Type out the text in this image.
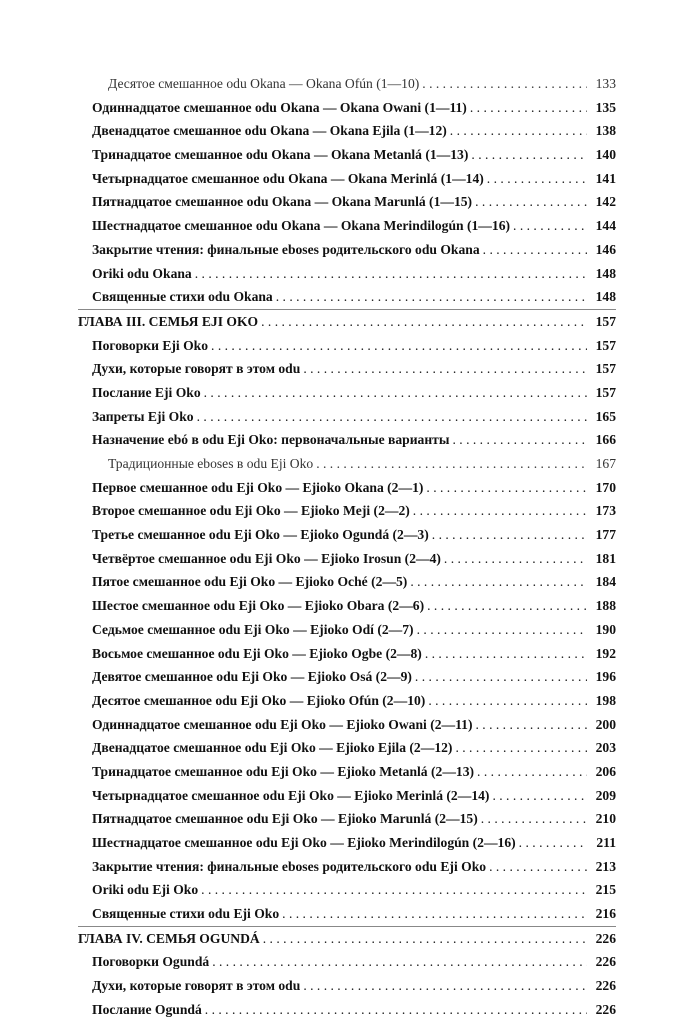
Десятое смешанное odu Okana — Okana Ofún (1—10) . . .	133
Одиннадцатое смешанное odu Okana — Okana Owani (1—11) . . .	135
Двенадцатое смешанное odu Okana — Okana Ejila (1—12) . . .	138
Тринадцатое смешанное odu Okana — Okana Metanlá (1—13) . . .	140
Четырнадцатое смешанное odu Okana — Okana Merinlá (1—14) . . .	141
Пятнадцатое смешанное odu Okana — Okana Marunlá (1—15) . . .	142
Шестнадцатое смешанное odu Okana — Okana Merindilogún (1—16) . . .	144
Закрытие чтения: финальные eboses родительского odu Okana . . .	146
Oriki odu Okana . . .	148
Священные стихи odu Okana . . .	148
ГЛАВА III. СЕМЬЯ EJI OKO . . .	157
Поговорки Eji Oko . . .	157
Духи, которые говорят в этом odu . . .	157
Послание Eji Oko . . .	157
Запреты Eji Oko . . .	165
Назначение ebó в odu Eji Oko: первоначальные варианты . . .	166
Традиционные eboses в odu Eji Oko . . .	167
Первое смешанное odu Eji Oko — Ejioko Okana (2—1) . . .	170
Второе смешанное odu Eji Oko — Ejioko Meji (2—2) . . .	173
Третье смешанное odu Eji Oko — Ejioko Ogundá (2—3) . . .	177
Четвёртое смешанное odu Eji Oko — Ejioko Irosun (2—4) . . .	181
Пятое смешанное odu Eji Oko — Ejioko Oché (2—5) . . .	184
Шестое смешанное odu Eji Oko — Ejioko Obara (2—6) . . .	188
Седьмое смешанное odu Eji Oko — Ejioko Odí (2—7) . . .	190
Восьмое смешанное odu Eji Oko — Ejioko Ogbe (2—8) . . .	192
Девятое смешанное odu Eji Oko — Ejioko Osá (2—9) . . .	196
Десятое смешанное odu Eji Oko — Ejioko Ofún (2—10) . . .	198
Одиннадцатое смешанное odu Eji Oko — Ejioko Owani (2—11) . . .	200
Двенадцатое смешанное odu Eji Oko — Ejioko Ejila (2—12) . . .	203
Тринадцатое смешанное odu Eji Oko — Ejioko Metanlá (2—13) . . .	206
Четырнадцатое смешанное odu Eji Oko — Ejioko Merinlá (2—14) . . .	209
Пятнадцатое смешанное odu Eji Oko — Ejioko Marunlá (2—15) . . .	210
Шестнадцатое смешанное odu Eji Oko — Ejioko Merindilogún (2—16) . . .	211
Закрытие чтения: финальные eboses родительского odu Eji Oko . . .	213
Oriki odu Eji Oko . . .	215
Священные стихи odu Eji Oko . . .	216
ГЛАВА IV. СЕМЬЯ OGUNDÁ . . .	226
Поговорки Ogundá . . .	226
Духи, которые говорят в этом odu . . .	226
Послание Ogundá . . .	226
